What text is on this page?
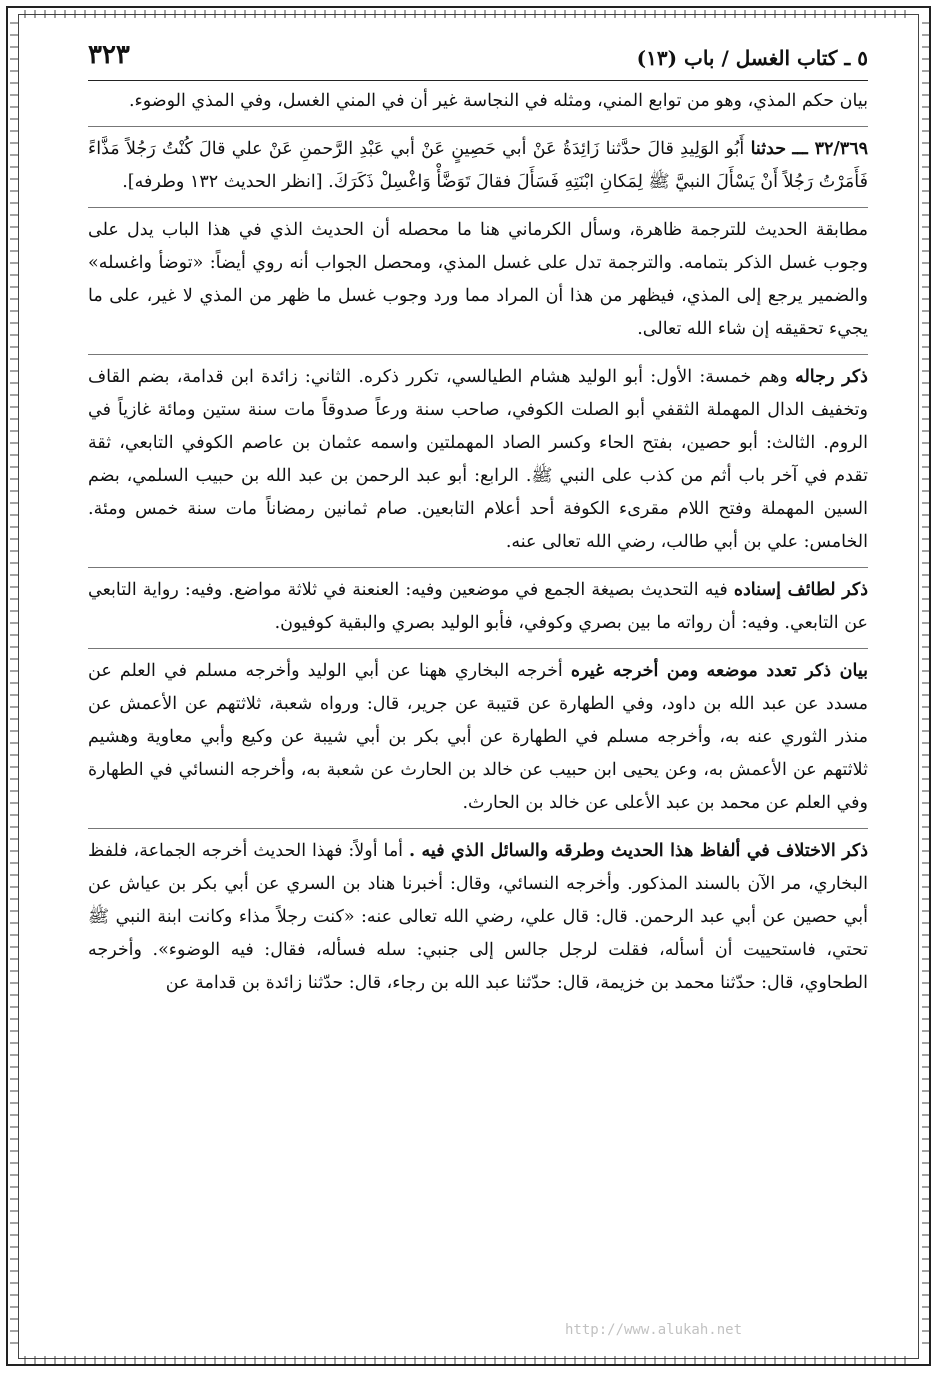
٥ ـ كتاب الغسل / باب (١٣)
٣٢٣

بيان حكم المذي، وهو من توابع المني، ومثله في النجاسة غير أن في المني الغسل، وفي المذي الوضوء.

٣٢/٣٦٩ ـــ حدثنا أَبُو الوَلِيدِ قالَ حدَّثنا زَائِدَةُ عَنْ أبي حَصِينٍ عَنْ أبي عَبْدِ الرَّحمنِ عَنْ علي قالَ كُنْتُ رَجُلاً مَذَّاءً فَأَمَرْتُ رَجُلاً أَنْ يَسْأَلَ النبيَّ ﷺ لِمَكانِ ابْنَتِهِ فَسَأَلَ فقالَ تَوَضَّأْ وَاغْسِلْ ذَكَرَكَ. [انظر الحديث ١٣٢ وطرفه].

مطابقة الحديث للترجمة ظاهرة، وسأل الكرماني هنا ما محصله أن الحديث الذي في هذا الباب يدل على وجوب غسل الذكر بتمامه. والترجمة تدل على غسل المذي، ومحصل الجواب أنه روي أيضاً: «توضأ واغسله» والضمير يرجع إلى المذي، فيظهر من هذا أن المراد مما ورد وجوب غسل ما ظهر من المذي لا غير، على ما يجيء تحقيقه إن شاء الله تعالى.

ذكر رجاله وهم خمسة: الأول: أبو الوليد هشام الطيالسي، تكرر ذكره. الثاني: زائدة ابن قدامة، بضم القاف وتخفيف الدال المهملة الثقفي أبو الصلت الكوفي، صاحب سنة ورعاً صدوقاً مات سنة ستين ومائة غازياً في الروم. الثالث: أبو حصين، بفتح الحاء وكسر الصاد المهملتين واسمه عثمان بن عاصم الكوفي التابعي، ثقة تقدم في آخر باب أثم من كذب على النبي ﷺ. الرابع: أبو عبد الرحمن بن عبد الله بن حبيب السلمي، بضم السين المهملة وفتح اللام مقرىء الكوفة أحد أعلام التابعين. صام ثمانين رمضاناً مات سنة خمس ومئة. الخامس: علي بن أبي طالب، رضي الله تعالى عنه.

ذكر لطائف إسناده فيه التحديث بصيغة الجمع في موضعين وفيه: العنعنة في ثلاثة مواضع. وفيه: رواية التابعي عن التابعي. وفيه: أن رواته ما بين بصري وكوفي، فأبو الوليد بصري والبقية كوفيون.

بيان ذكر تعدد موضعه ومن أخرجه غيره أخرجه البخاري ههنا عن أبي الوليد وأخرجه مسلم في العلم عن مسدد عن عبد الله بن داود، وفي الطهارة عن قتيبة عن جرير، قال: ورواه شعبة، ثلاثتهم عن الأعمش عن منذر الثوري عنه به، وأخرجه مسلم في الطهارة عن أبي بكر بن أبي شيبة عن وكيع وأبي معاوية وهشيم ثلاثتهم عن الأعمش به، وعن يحيى ابن حبيب عن خالد بن الحارث عن شعبة به، وأخرجه النسائي في الطهارة وفي العلم عن محمد بن عبد الأعلى عن خالد بن الحارث.

ذكر الاختلاف في ألفاظ هذا الحديث وطرقه والسائل الذي فيه . أما أولاً: فهذا الحديث أخرجه الجماعة، فلفظ البخاري، مر الآن بالسند المذكور. وأخرجه النسائي، وقال: أخبرنا هناد بن السري عن أبي بكر بن عياش عن أبي حصين عن أبي عبد الرحمن. قال: قال علي، رضي الله تعالى عنه: «كنت رجلاً مذاء وكانت ابنة النبي ﷺ تحتي، فاستحييت أن أسأله، فقلت لرجل جالس إلى جنبي: سله فسأله، فقال: فيه الوضوء». وأخرجه الطحاوي، قال: حدّثنا محمد بن خزيمة، قال: حدّثنا عبد الله بن رجاء، قال: حدّثنا زائدة بن قدامة عن

http://www.alukah.net
